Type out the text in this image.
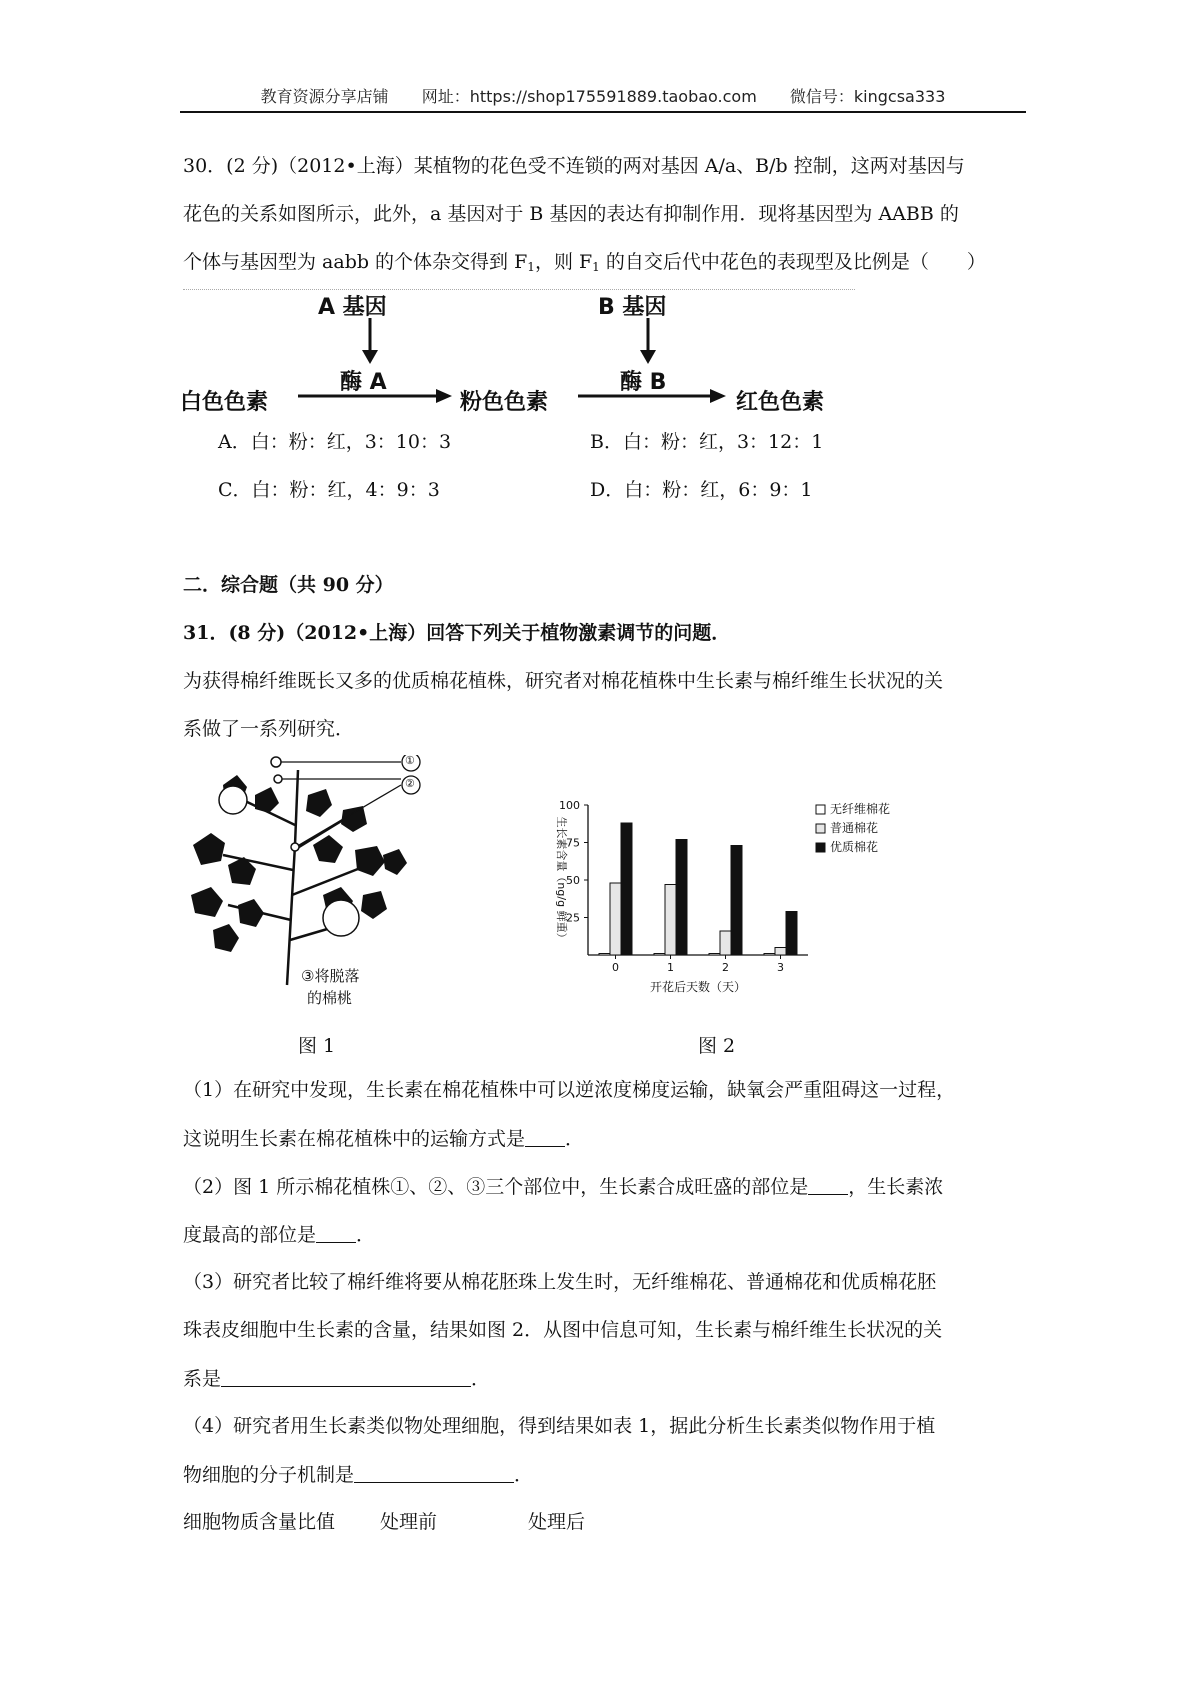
教育资源分享店铺 网址：https://shop175591889.taobao.com 微信号：kingcsa333
30．(2 分)（2012•上海）某植物的花色受不连锁的两对基因 A/a、B/b 控制，这两对基因与
花色的关系如图所示，此外，a 基因对于 B 基因的表达有抑制作用．现将基因型为 AABB 的
个体与基因型为 aabb 的个体杂交得到 $F_1$，则 $F_1$ 的自交后代中花色的表现型及比例是（　　）
A 基因	B 基因
酶 A	酶 B
白色色素	粉色色素	红色色素
A．白：粉：红，3：10：3	B．白：粉：红，3：12：1
C．白：粉：红，4：9：3	D．白：粉：红，6：9：1
二．综合题（共 90 分）
31．(8 分)（2012•上海）回答下列关于植物激素调节的问题．
为获得棉纤维既长又多的优质棉花植株，研究者对棉花植株中生长素与棉纤维生长状况的关
系做了一系列研究．
①
②
③将脱落
的棉桃
图 1
25
50
75
100
0	1	2	3
开花后天数（天）
生长素含量（ng/g 鲜重）
无纤维棉花
普通棉花
优质棉花
图 2
（1）在研究中发现，生长素在棉花植株中可以逆浓度梯度运输，缺氧会严重阻碍这一过程，
这说明生长素在棉花植株中的运输方式是 ．
（2）图 1 所示棉花植株①、②、③三个部位中，生长素合成旺盛的部位是 ，生长素浓
度最高的部位是 ．
（3）研究者比较了棉纤维将要从棉花胚珠上发生时，无纤维棉花、普通棉花和优质棉花胚
珠表皮细胞中生长素的含量，结果如图 2．从图中信息可知，生长素与棉纤维生长状况的关
系是	．
（4）研究者用生长素类似物处理细胞，得到结果如表 1，据此分析生长素类似物作用于植
物细胞的分子机制是	．
细胞物质含量比值 处理前	处理后
